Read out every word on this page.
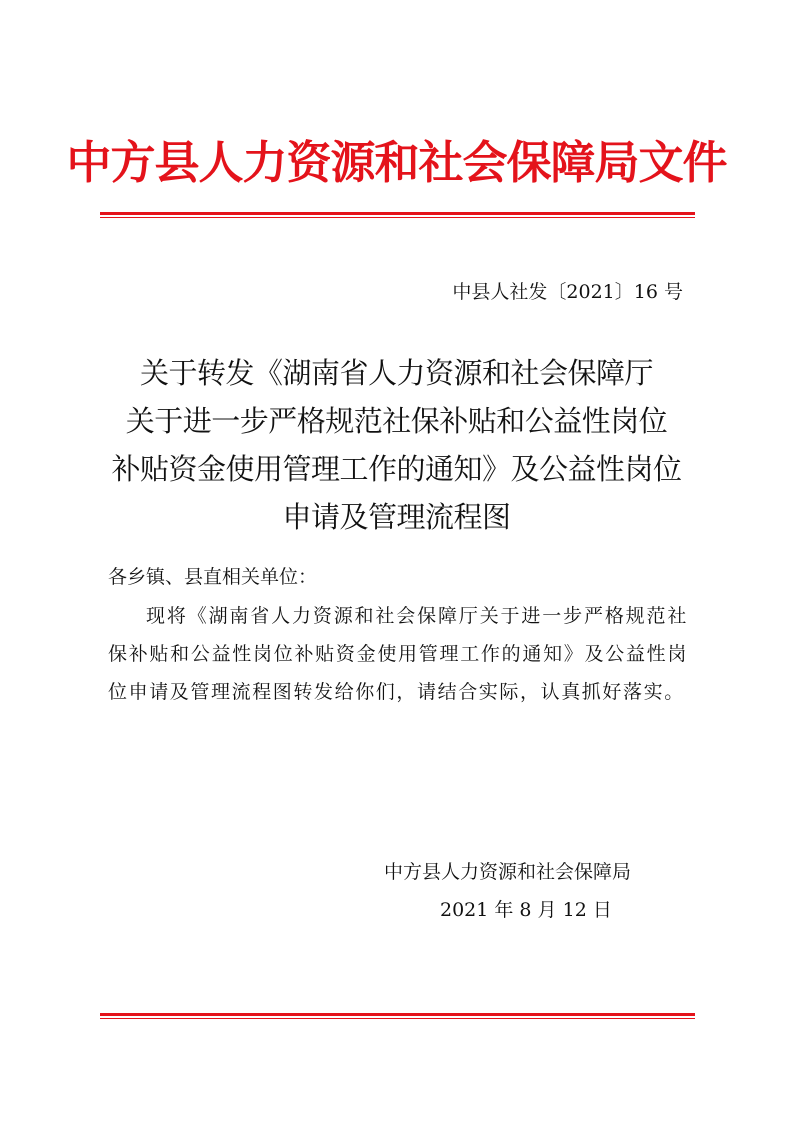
中方县人力资源和社会保障局文件
中县人社发〔2021〕16 号
关于转发《湖南省人力资源和社会保障厅
关于进一步严格规范社保补贴和公益性岗位
补贴资金使用管理工作的通知》及公益性岗位
申请及管理流程图
各乡镇、县直相关单位：
现将《湖南省人力资源和社会保障厅关于进一步严格规范社保补贴和公益性岗位补贴资金使用管理工作的通知》及公益性岗位申请及管理流程图转发给你们，请结合实际，认真抓好落实。
中方县人力资源和社会保障局
2021 年 8 月 12 日
